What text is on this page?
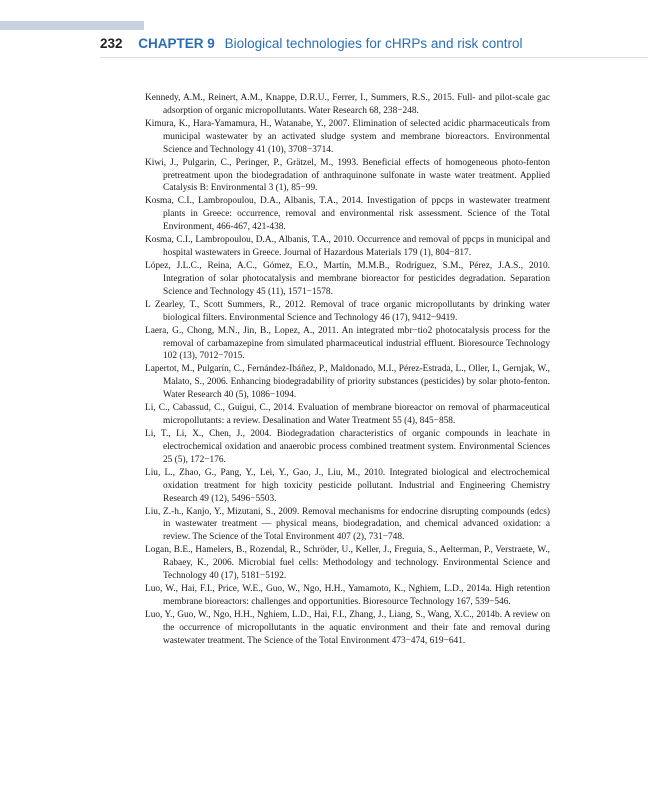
232 CHAPTER 9 Biological technologies for cHRPs and risk control

Kennedy, A.M., Reinert, A.M., Knappe, D.R.U., Ferrer, I., Summers, R.S., 2015. Full- and pilot-scale gac adsorption of organic micropollutants. Water Research 68, 238−248.

Kimura, K., Hara-Yamamura, H., Watanabe, Y., 2007. Elimination of selected acidic pharmaceuticals from municipal wastewater by an activated sludge system and membrane bioreactors. Environmental Science and Technology 41 (10), 3708−3714.

Kiwi, J., Pulgarin, C., Peringer, P., Grätzel, M., 1993. Beneficial effects of homogeneous photo-fenton pretreatment upon the biodegradation of anthraquinone sulfonate in waste water treatment. Applied Catalysis B: Environmental 3 (1), 85−99.

Kosma, C.I., Lambropoulou, D.A., Albanis, T.A., 2014. Investigation of ppcps in wastewater treatment plants in Greece: occurrence, removal and environmental risk assessment. Science of the Total Environment, 466-467, 421-438.

Kosma, C.I., Lambropoulou, D.A., Albanis, T.A., 2010. Occurrence and removal of ppcps in municipal and hospital wastewaters in Greece. Journal of Hazardous Materials 179 (1), 804−817.

López, J.L.C., Reina, A.C., Gómez, E.O., Martín, M.M.B., Rodríguez, S.M., Pérez, J.A.S., 2010. Integration of solar photocatalysis and membrane bioreactor for pesticides degradation. Separation Science and Technology 45 (11), 1571−1578.

L Zearley, T., Scott Summers, R., 2012. Removal of trace organic micropollutants by drinking water biological filters. Environmental Science and Technology 46 (17), 9412−9419.

Laera, G., Chong, M.N., Jin, B., Lopez, A., 2011. An integrated mbr−tio2 photocatalysis process for the removal of carbamazepine from simulated pharmaceutical industrial effluent. Bioresource Technology 102 (13), 7012−7015.

Lapertot, M., Pulgarín, C., Fernández-Ibáñez, P., Maldonado, M.I., Pérez-Estrada, L., Oller, I., Gernjak, W., Malato, S., 2006. Enhancing biodegradability of priority substances (pesticides) by solar photo-fenton. Water Research 40 (5), 1086−1094.

Li, C., Cabassud, C., Guigui, C., 2014. Evaluation of membrane bioreactor on removal of pharmaceutical micropollutants: a review. Desalination and Water Treatment 55 (4), 845−858.

Li, T., Li, X., Chen, J., 2004. Biodegradation characteristics of organic compounds in leachate in electrochemical oxidation and anaerobic process combined treatment system. Environmental Sciences 25 (5), 172−176.

Liu, L., Zhao, G., Pang, Y., Lei, Y., Gao, J., Liu, M., 2010. Integrated biological and electrochemical oxidation treatment for high toxicity pesticide pollutant. Industrial and Engineering Chemistry Research 49 (12), 5496−5503.

Liu, Z.-h., Kanjo, Y., Mizutani, S., 2009. Removal mechanisms for endocrine disrupting compounds (edcs) in wastewater treatment — physical means, biodegradation, and chemical advanced oxidation: a review. The Science of the Total Environment 407 (2), 731−748.

Logan, B.E., Hamelers, B., Rozendal, R., Schröder, U., Keller, J., Freguia, S., Aelterman, P., Verstraete, W., Rabaey, K., 2006. Microbial fuel cells: Methodology and technology. Environmental Science and Technology 40 (17), 5181−5192.

Luo, W., Hai, F.I., Price, W.E., Guo, W., Ngo, H.H., Yamamoto, K., Nghiem, L.D., 2014a. High retention membrane bioreactors: challenges and opportunities. Bioresource Technology 167, 539−546.

Luo, Y., Guo, W., Ngo, H.H., Nghiem, L.D., Hai, F.I., Zhang, J., Liang, S., Wang, X.C., 2014b. A review on the occurrence of micropollutants in the aquatic environment and their fate and removal during wastewater treatment. The Science of the Total Environment 473−474, 619−641.
